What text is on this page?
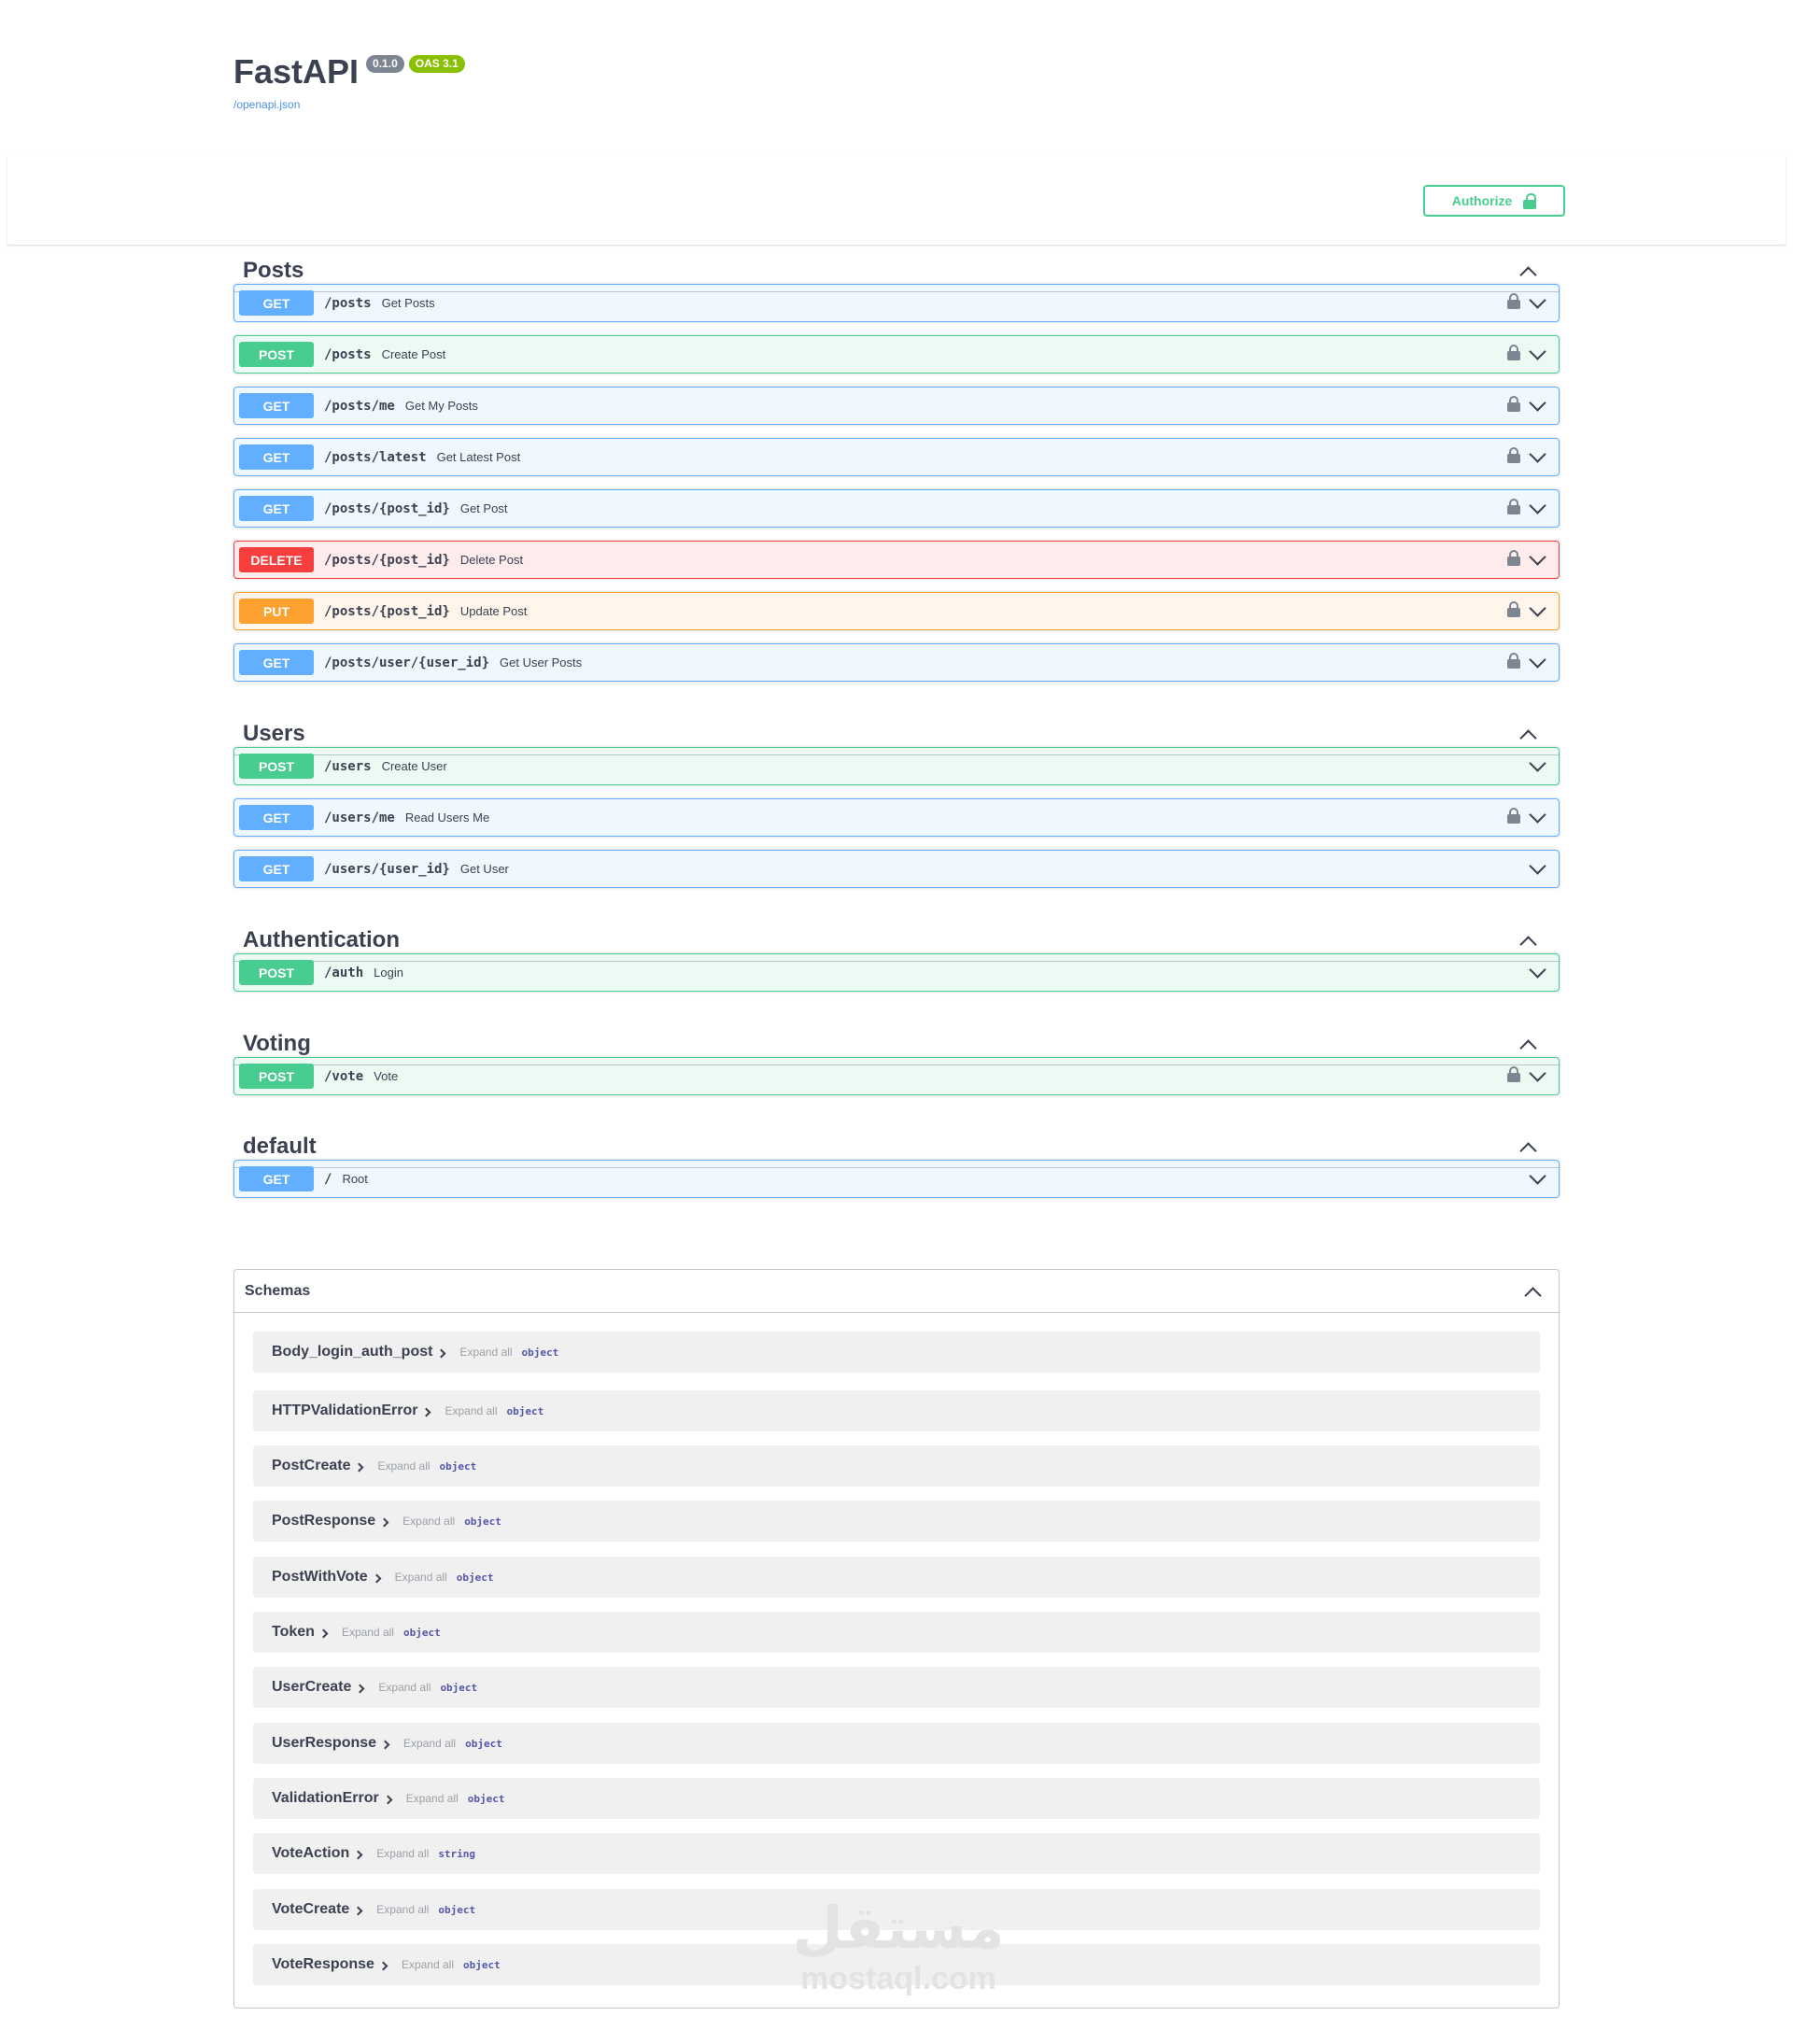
FastAPI	0.1.0	OAS 3.1
/openapi.json
Authorize
Posts
GET	/posts Get Posts
POST	/posts Create Post
GET	/posts/me Get My Posts
GET	/posts/latest Get Latest Post
GET	/posts/{post_id} Get Post
DELETE	/posts/{post_id} Delete Post
PUT	/posts/{post_id} Update Post
GET	/posts/user/{user_id} Get User Posts
Users
POST	/users Create User
GET	/users/me Read Users Me
GET	/users/{user_id} Get User
Authentication
POST	/auth Login
Voting
POST	/vote Vote
default
GET	/ Root
Schemas
Body_login_auth_post Expand all object
HTTPValidationError Expand all object
PostCreate Expand all object
PostResponse Expand all object
PostWithVote Expand all object
Token Expand all object
UserCreate Expand all object
UserResponse Expand all object
ValidationError Expand all object
VoteAction Expand all string
VoteCreate Expand all object
VoteResponse Expand all object
مستقل
mostaql.com
